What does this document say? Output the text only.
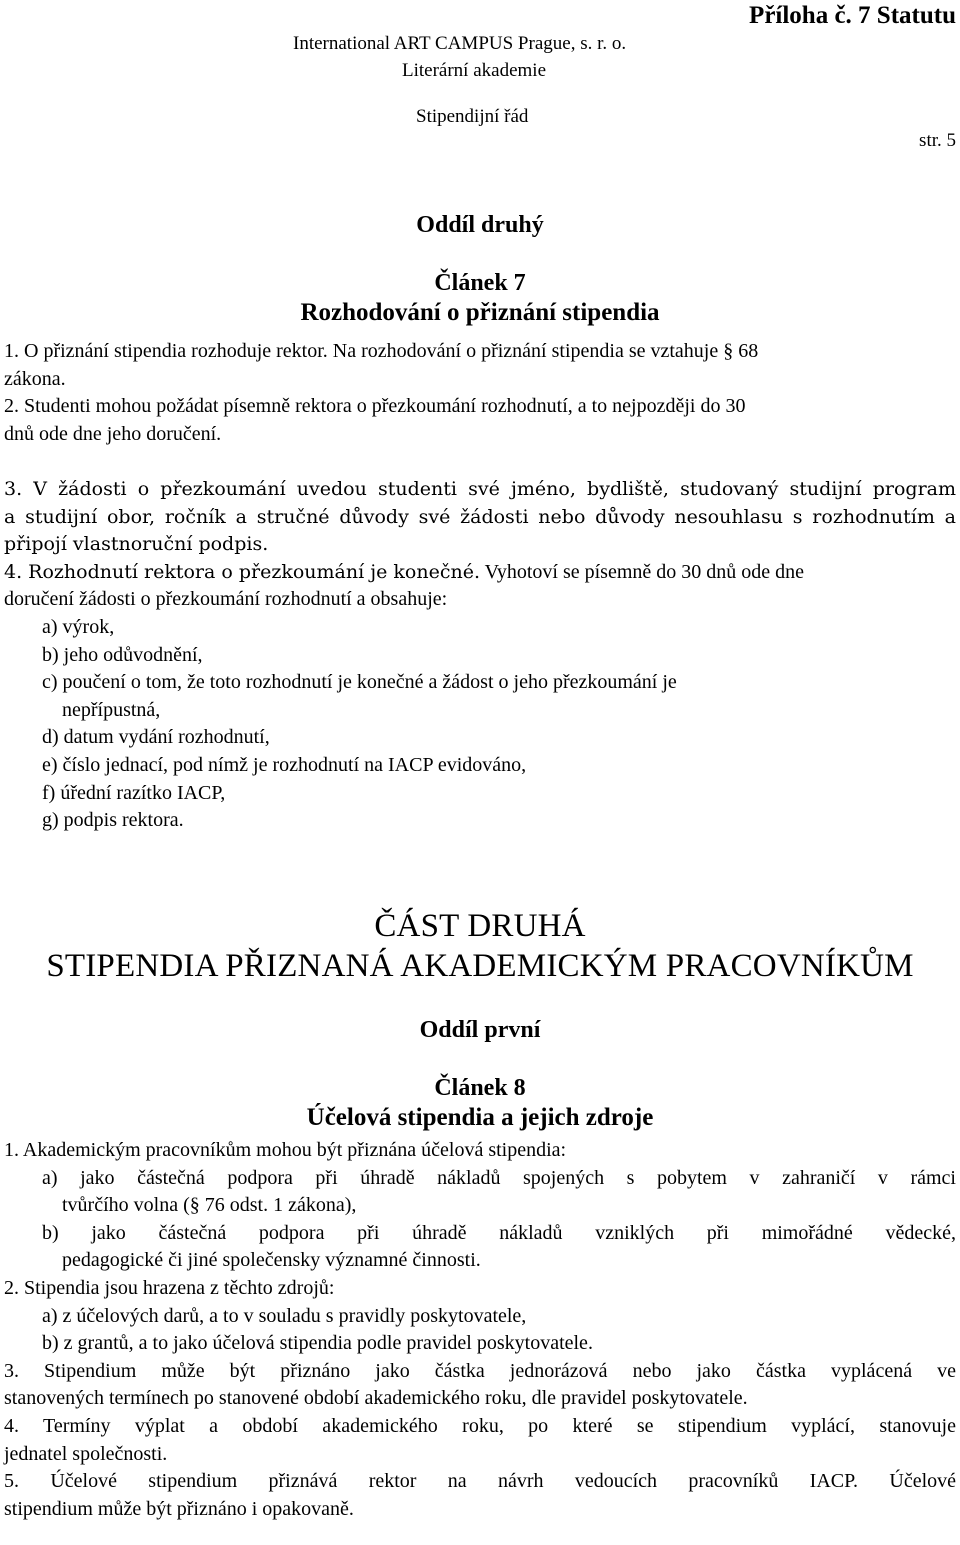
International ART CAMPUS Prague, s. r. o.
Literární akademie
Stipendijní řád
Příloha č. 7 Statutu
str. 5
Oddíl druhý
Článek 7
Rozhodování o přiznání stipendia
1. O přiznání stipendia rozhoduje rektor. Na rozhodování o přiznání stipendia se vztahuje § 68
zákona.
2. Studenti mohou požádat písemně rektora o přezkoumání rozhodnutí, a to nejpozději do 30
dnů ode dne jeho doručení.
3. V žádosti o přezkoumání uvedou studenti své jméno, bydliště, studovaný studijní program
a studijní obor, ročník a stručné důvody své žádosti nebo důvody nesouhlasu s rozhodnutím a
připojí vlastnoruční podpis.
4. Rozhodnutí rektora o přezkoumání je konečné. Vyhotoví se písemně do 30 dnů ode dne
doručení žádosti o přezkoumání rozhodnutí a obsahuje:
a) výrok,
b) jeho odůvodnění,
c) poučení o tom, že toto rozhodnutí je konečné a žádost o jeho přezkoumání je
nepřípustná,
d) datum vydání rozhodnutí,
e) číslo jednací, pod nímž je rozhodnutí na IACP evidováno,
f) úřední razítko IACP,
g) podpis rektora.
ČÁST DRUHÁ
STIPENDIA PŘIZNANÁ AKADEMICKÝM PRACOVNÍKŮM
Oddíl první
Článek 8
Účelová stipendia a jejich zdroje
1. Akademickým pracovníkům mohou být přiznána účelová stipendia:
a) jako částečná podpora při úhradě nákladů spojených s pobytem v zahraničí v rámci
tvůrčího volna (§ 76 odst. 1 zákona),
b) jako částečná podpora při úhradě nákladů vzniklých při mimořádné vědecké,
pedagogické či jiné společensky významné činnosti.
2. Stipendia jsou hrazena z těchto zdrojů:
a) z účelových darů, a to v souladu s pravidly poskytovatele,
b) z grantů, a to jako účelová stipendia podle pravidel poskytovatele.
3. Stipendium může být přiznáno jako částka jednorázová nebo jako částka vyplácená ve
stanovených termínech po stanovené období akademického roku, dle pravidel poskytovatele.
4. Termíny výplat a období akademického roku, po které se stipendium vyplácí, stanovuje
jednatel společnosti.
5. Účelové stipendium přiznává rektor na návrh vedoucích pracovníků IACP. Účelové
stipendium může být přiznáno i opakovaně.
